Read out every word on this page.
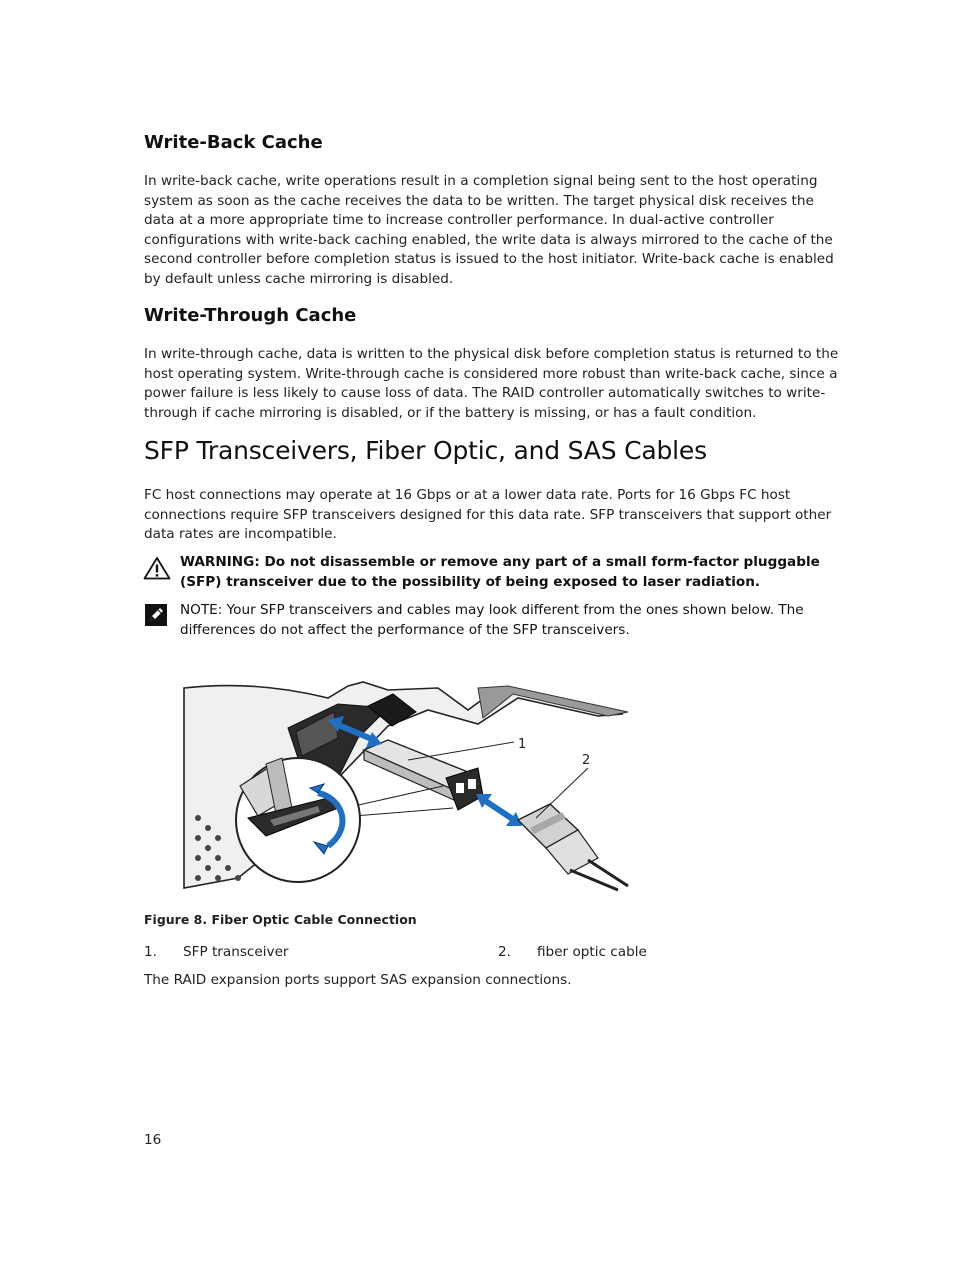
Write-Back Cache

In write-back cache, write operations result in a completion signal being sent to the host operating system as soon as the cache receives the data to be written. The target physical disk receives the data at a more appropriate time to increase controller performance. In dual-active controller configurations with write-back caching enabled, the write data is always mirrored to the cache of the second controller before completion status is issued to the host initiator. Write-back cache is enabled by default unless cache mirroring is disabled.

Write-Through Cache

In write-through cache, data is written to the physical disk before completion status is returned to the host operating system. Write-through cache is considered more robust than write-back cache, since a power failure is less likely to cause loss of data. The RAID controller automatically switches to write-through if cache mirroring is disabled, or if the battery is missing, or has a fault condition.

SFP Transceivers, Fiber Optic, and SAS Cables

FC host connections may operate at 16 Gbps or at a lower data rate. Ports for 16 Gbps FC host connections require SFP transceivers designed for this data rate. SFP transceivers that support other data rates are incompatible.

WARNING: Do not disassemble or remove any part of a small form-factor pluggable (SFP) transceiver due to the possibility of being exposed to laser radiation.

NOTE: Your SFP transceivers and cables may look different from the ones shown below. The differences do not affect the performance of the SFP transceivers.

1
2
Figure 8. Fiber Optic Cable Connection
1. SFP transceiver	2. fiber optic cable

The RAID expansion ports support SAS expansion connections.

16
